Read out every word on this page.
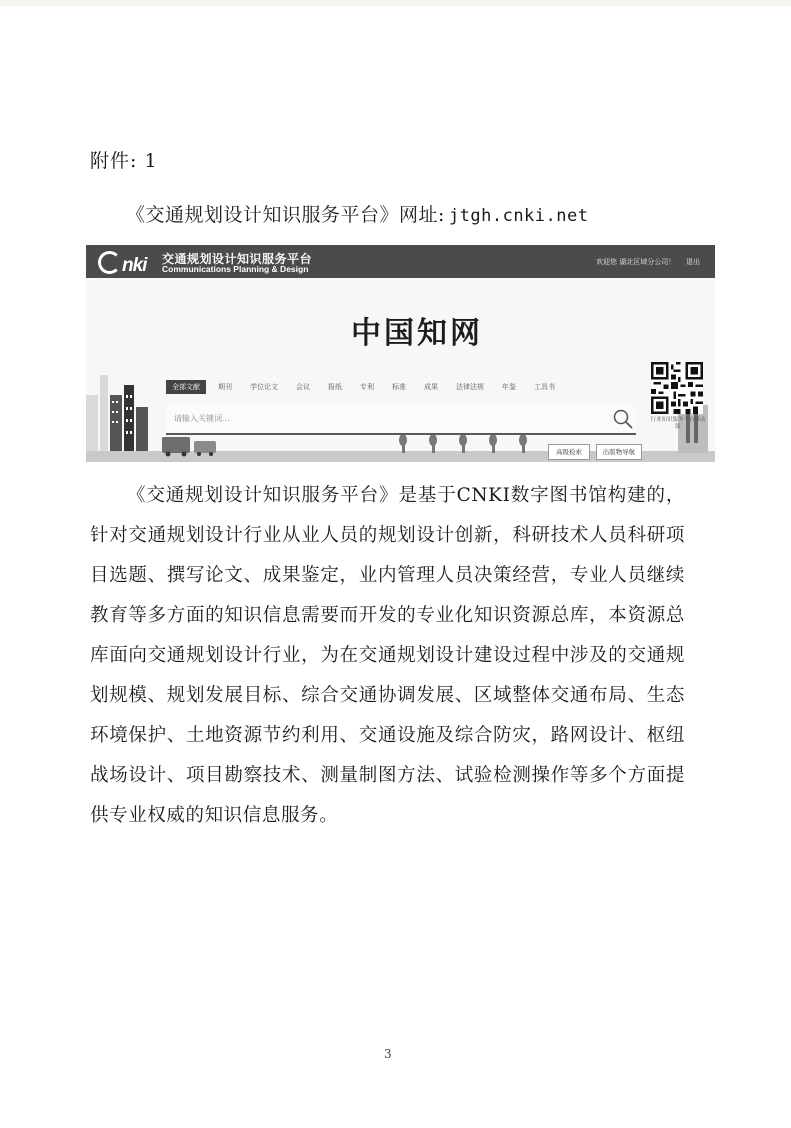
附件: 1
《交通规划设计知识服务平台》网址: jtgh.cnki.net
nki 交通规划设计知识服务平台
Communications Planning & Design
欢迎您 湖北区域分公司！ 退出
中国知网
全部文献	期刊	学位论文	会议	报纸	专利	标准	成果	法律法规	年鉴	工具书
请输入关键词...
高级检索	出版物导航
行业知识服务平台移动版
《交通规划设计知识服务平台》是基于CNKI数字图书馆构建的，针对交通规划设计行业从业人员的规划设计创新，科研技术人员科研项目选题、撰写论文、成果鉴定，业内管理人员决策经营，专业人员继续教育等多方面的知识信息需要而开发的专业化知识资源总库，本资源总库面向交通规划设计行业，为在交通规划设计建设过程中涉及的交通规划规模、规划发展目标、综合交通协调发展、区域整体交通布局、生态环境保护、土地资源节约利用、交通设施及综合防灾，路网设计、枢纽战场设计、项目勘察技术、测量制图方法、试验检测操作等多个方面提供专业权威的知识信息服务。
3
